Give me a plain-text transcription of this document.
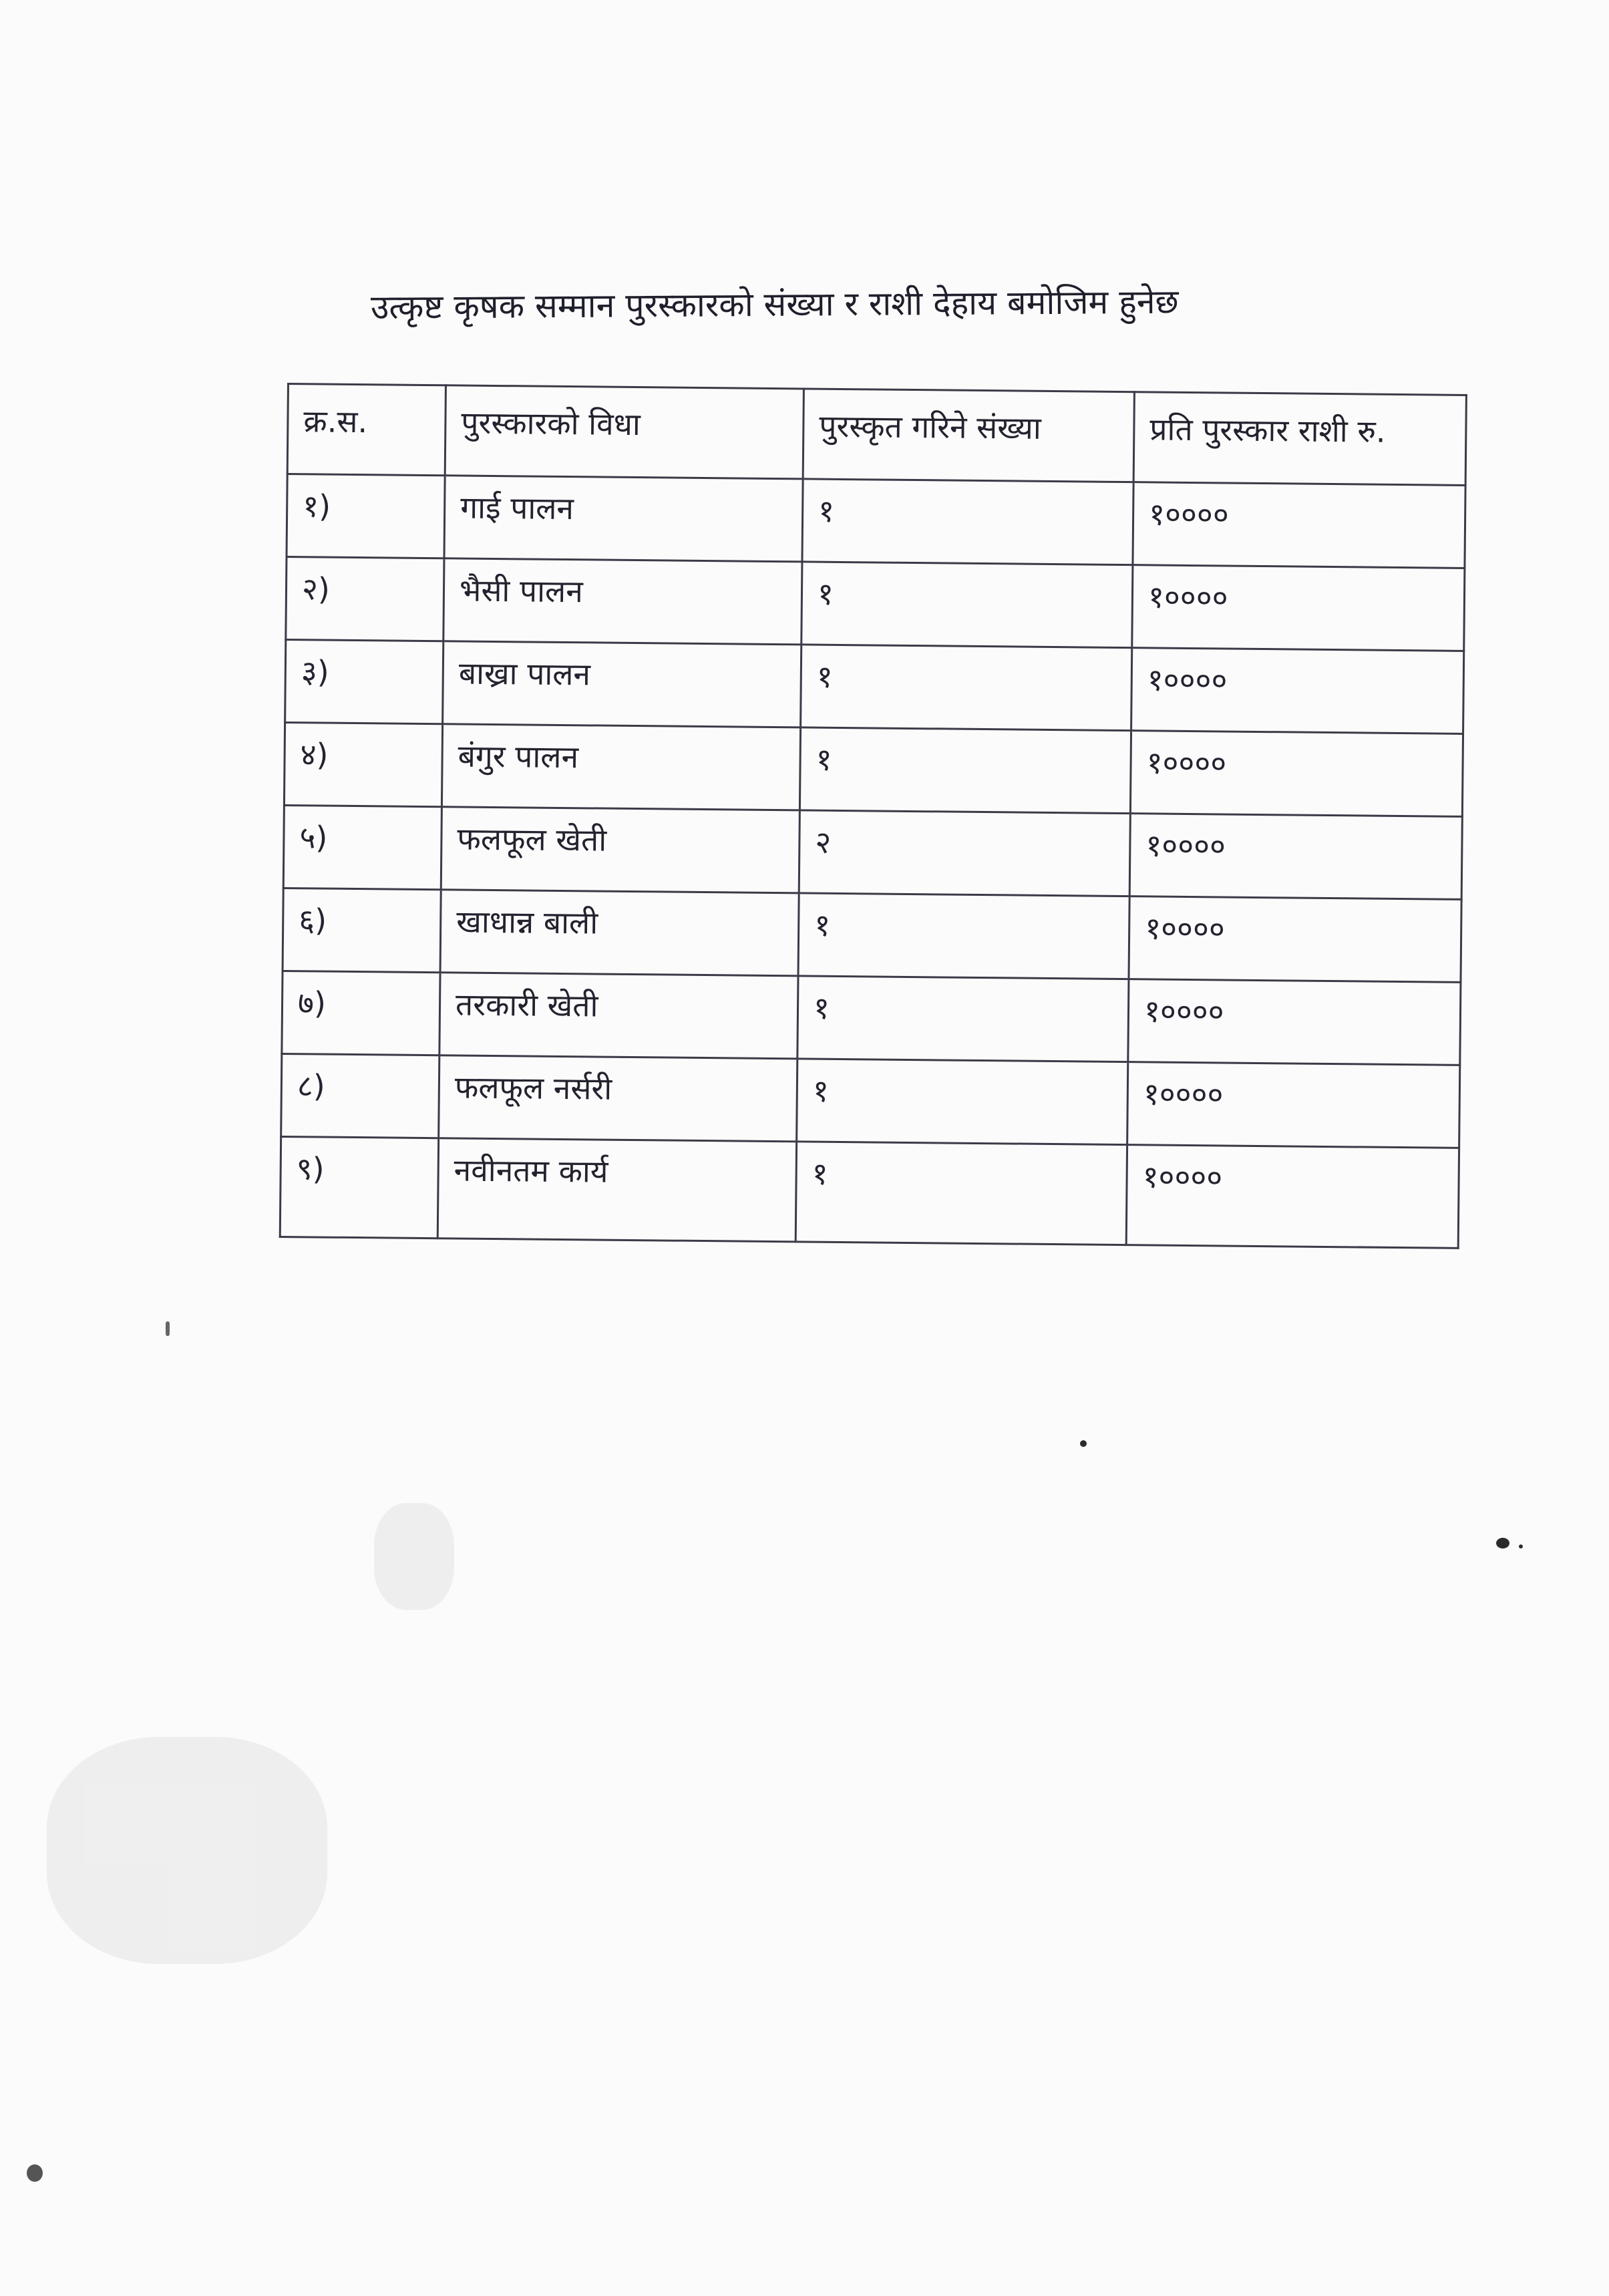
उत्कृष्ट कृषक सम्मान पुरस्कारको संख्या र राशी देहाय बमोजिम हुनेछ
क्र.स.	पुरस्कारको विधा	पुरस्कृत गरिने संख्या	प्रति पुरस्कार राशी रु.
१)	गाई पालन	१	१००००
२)	भैसी पालन	१	१००००
३)	बाख्रा पालन	१	१००००
४)	बंगुर पालन	१	१००००
५)	फलफूल खेती	२	१००००
६)	खाधान्न बाली	१	१००००
७)	तरकारी खेती	१	१००००
८)	फलफूल नर्सरी	१	१००००
९)	नवीनतम कार्य	१	१००००
